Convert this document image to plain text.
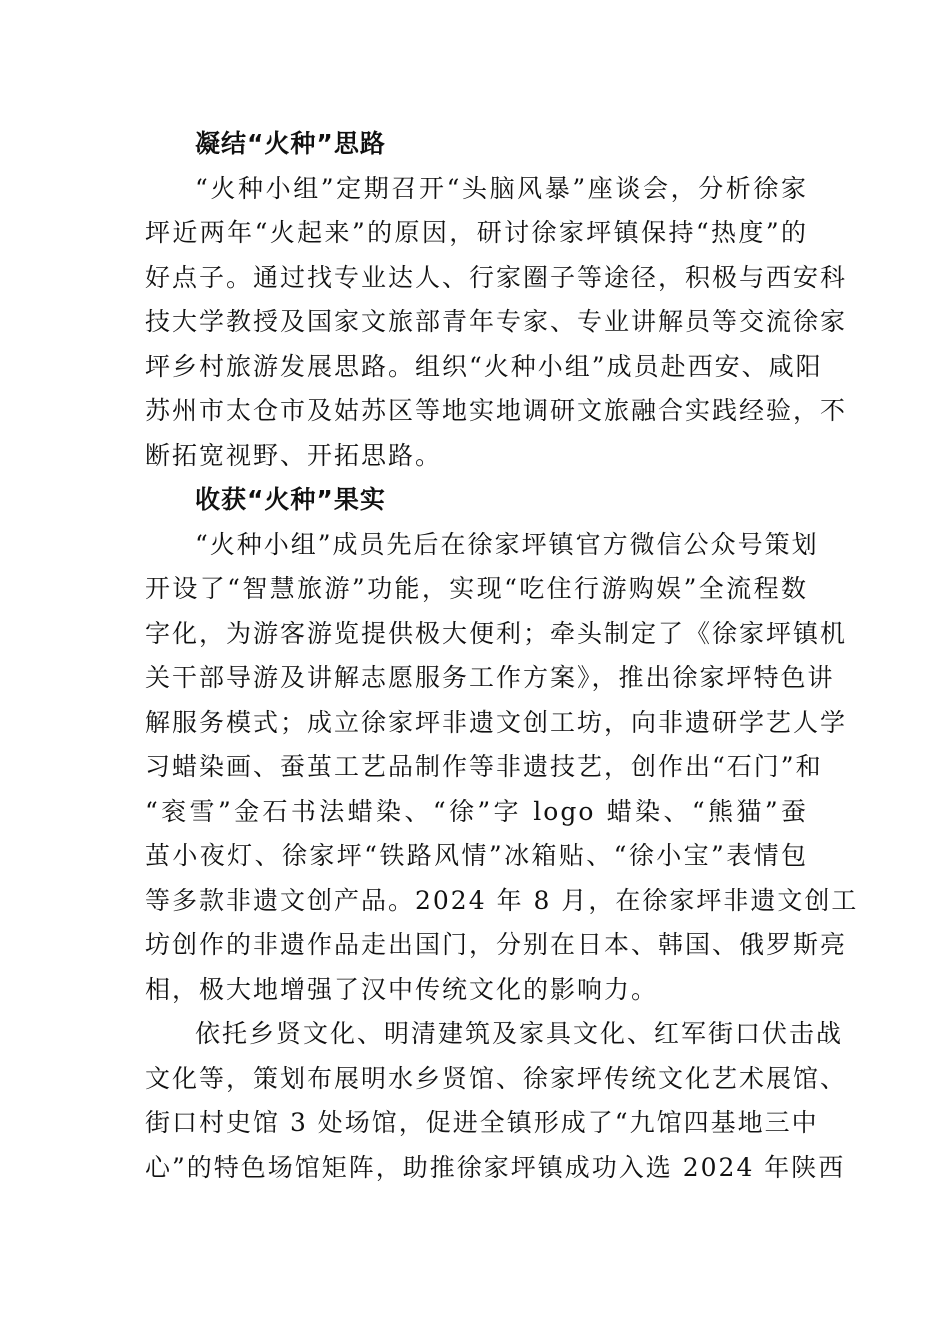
凝结“火种”思路
“火种小组”定期召开“头脑风暴”座谈会，分析徐家
坪近两年“火起来”的原因，研讨徐家坪镇保持“热度”的
好点子。通过找专业达人、行家圈子等途径，积极与西安科
技大学教授及国家文旅部青年专家、专业讲解员等交流徐家
坪乡村旅游发展思路。组织“火种小组”成员赴西安、咸阳
苏州市太仓市及姑苏区等地实地调研文旅融合实践经验，不
断拓宽视野、开拓思路。
收获“火种”果实
“火种小组”成员先后在徐家坪镇官方微信公众号策划
开设了“智慧旅游”功能，实现“吃住行游购娱”全流程数
字化，为游客游览提供极大便利；牵头制定了《徐家坪镇机
关干部导游及讲解志愿服务工作方案》，推出徐家坪特色讲
解服务模式；成立徐家坪非遗文创工坊，向非遗研学艺人学
习蜡染画、蚕茧工艺品制作等非遗技艺，创作出“石门”和
“衮雪”金石书法蜡染、“徐”字 logo 蜡染、“熊猫”蚕
茧小夜灯、徐家坪“铁路风情”冰箱贴、“徐小宝”表情包
等多款非遗文创产品。2024 年 8 月，在徐家坪非遗文创工
坊创作的非遗作品走出国门，分别在日本、韩国、俄罗斯亮
相，极大地增强了汉中传统文化的影响力。
依托乡贤文化、明清建筑及家具文化、红军街口伏击战
文化等，策划布展明水乡贤馆、徐家坪传统文化艺术展馆、
街口村史馆 3 处场馆，促进全镇形成了“九馆四基地三中
心”的特色场馆矩阵，助推徐家坪镇成功入选 2024 年陕西
